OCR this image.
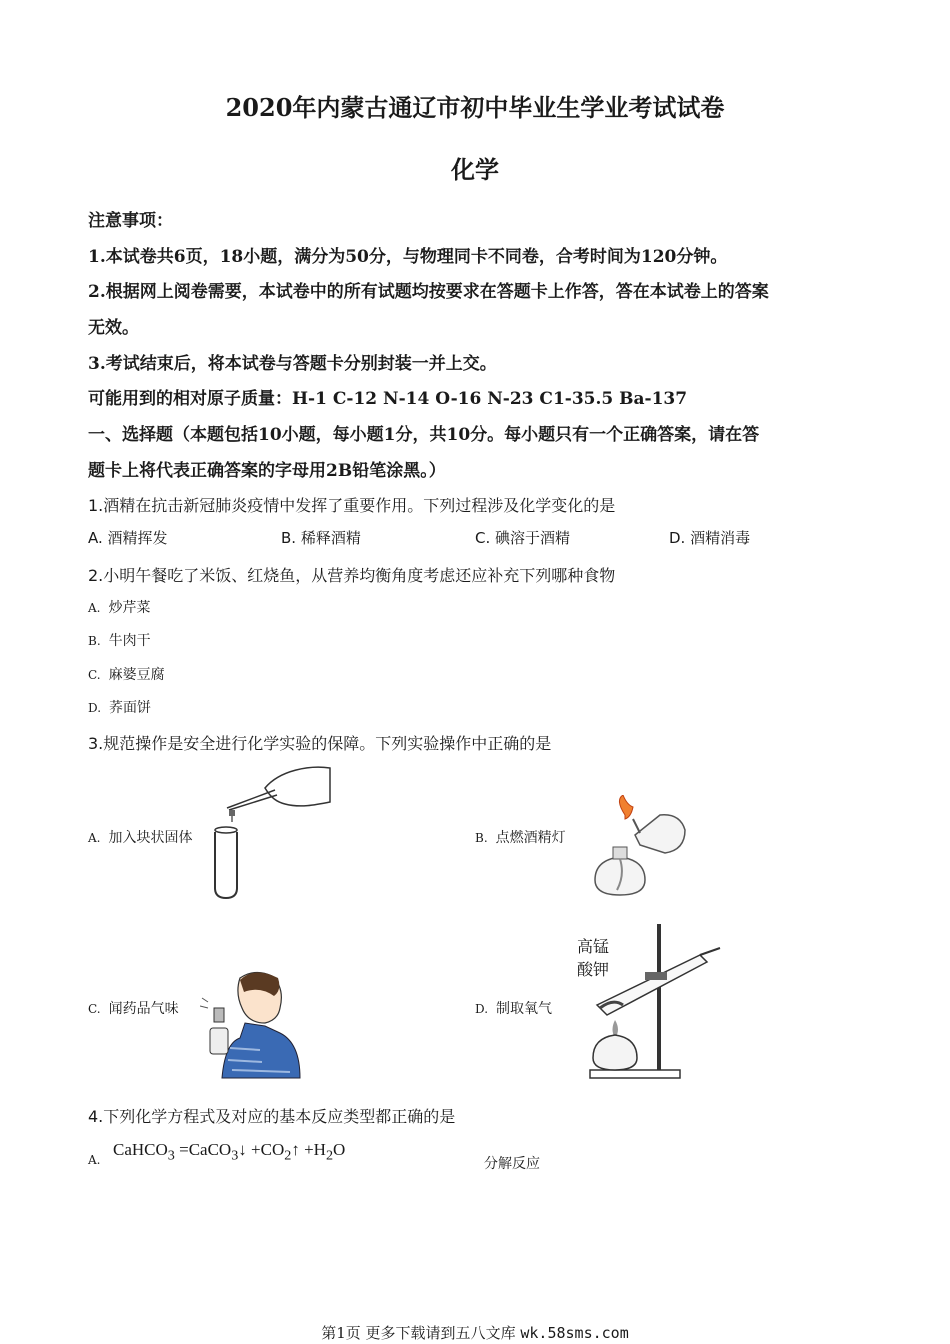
2020年内蒙古通辽市初中毕业生学业考试试卷
化学
注意事项：
1.本试卷共6页，18小题，满分为50分，与物理同卡不同卷，合考时间为120分钟。
2.根据网上阅卷需要，本试卷中的所有试题均按要求在答题卡上作答，答在本试卷上的答案
无效。
3.考试结束后，将本试卷与答题卡分别封装一并上交。
可能用到的相对原子质量：H-1 C-12 N-14 O-16 N-23 C1-35.5 Ba-137
一、选择题（本题包括10小题，每小题1分，共10分。每小题只有一个正确答案，请在答
题卡上将代表正确答案的字母用2B铅笔涂黑。）
1.酒精在抗击新冠肺炎疫情中发挥了重要作用。下列过程涉及化学变化的是
A. 酒精挥发	B. 稀释酒精	C. 碘溶于酒精	D. 酒精消毒
2.小明午餐吃了米饭、红烧鱼，从营养均衡角度考虑还应补充下列哪种食物
A. 炒芹菜
B. 牛肉干
C. 麻婆豆腐
D. 荞面饼
3.规范操作是安全进行化学实验的保障。下列实验操作中正确的是
A. 加入块状固体	B. 点燃酒精灯
C. 闻药品气味	D. 制取氧气
高锰
酸钾
4.下列化学方程式及对应的基本反应类型都正确的是
A.
CaHCO$_3$ =CaCO$_3$↓ $+CO_2↑ +H_2O$
分解反应
第1页 更多下载请到五八文库 wk.58sms.com
